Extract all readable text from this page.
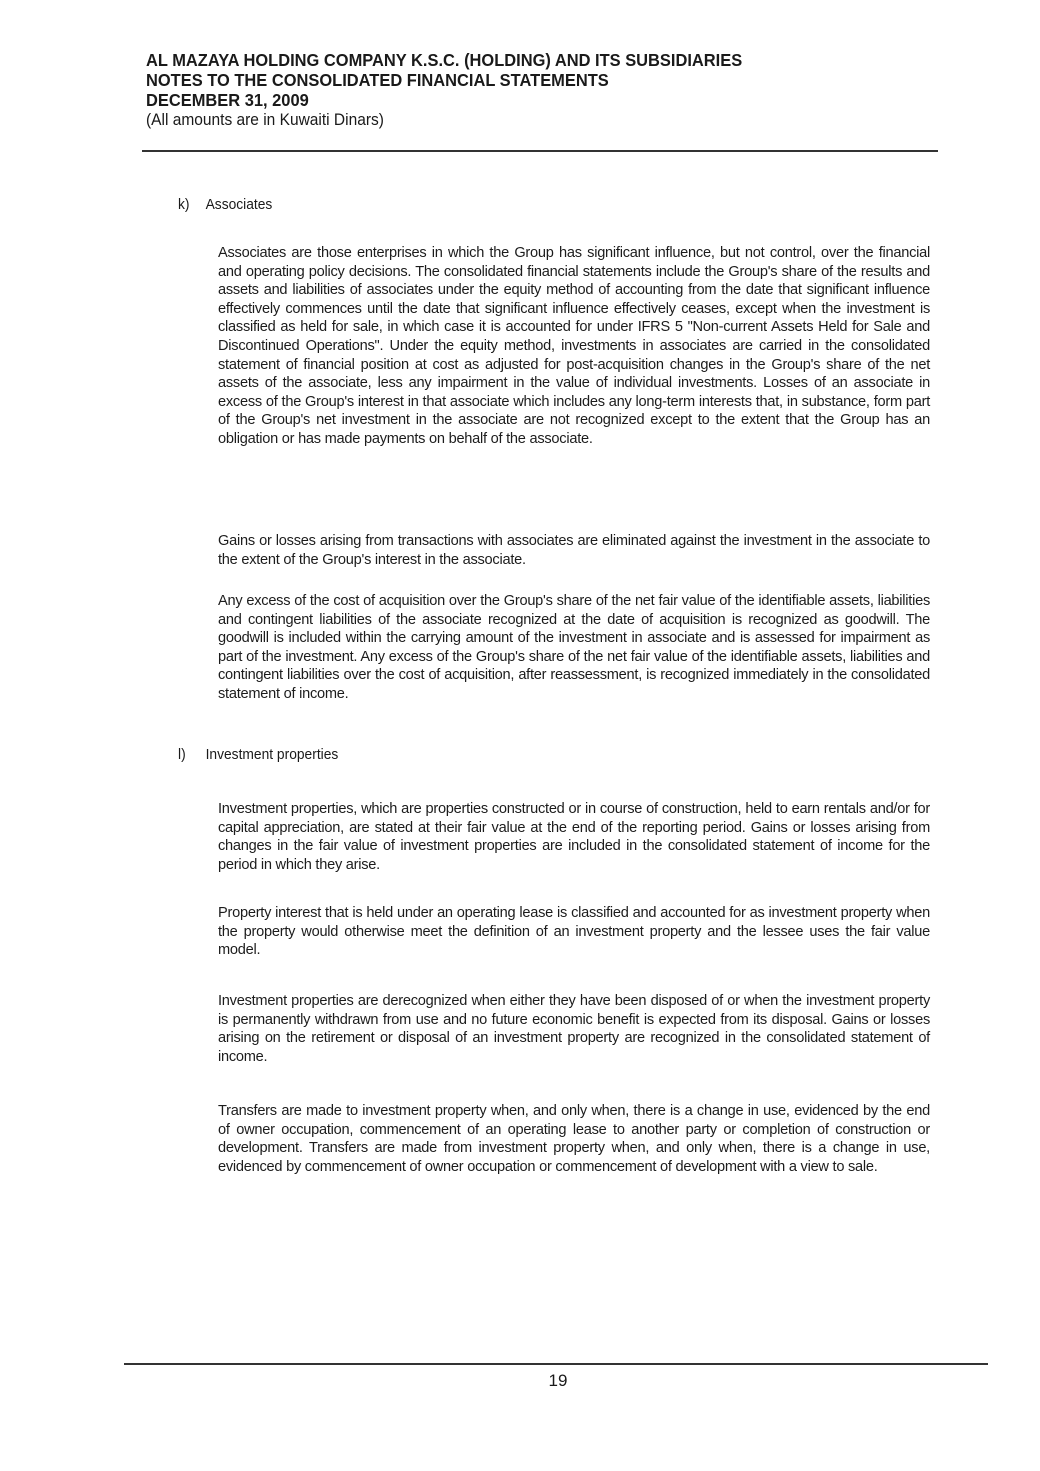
AL MAZAYA HOLDING COMPANY K.S.C. (HOLDING) AND ITS SUBSIDIARIES
NOTES TO THE CONSOLIDATED FINANCIAL STATEMENTS
DECEMBER 31, 2009
(All amounts are in Kuwaiti Dinars)
k) Associates
Associates are those enterprises in which the Group has significant influence, but not control, over the financial and operating policy decisions. The consolidated financial statements include the Group's share of the results and assets and liabilities of associates under the equity method of accounting from the date that significant influence effectively commences until the date that significant influence effectively ceases, except when the investment is classified as held for sale, in which case it is accounted for under IFRS 5 "Non-current Assets Held for Sale and Discontinued Operations". Under the equity method, investments in associates are carried in the consolidated statement of financial position at cost as adjusted for post-acquisition changes in the Group's share of the net assets of the associate, less any impairment in the value of individual investments. Losses of an associate in excess of the Group's interest in that associate which includes any long-term interests that, in substance, form part of the Group's net investment in the associate are not recognized except to the extent that the Group has an obligation or has made payments on behalf of the associate.
Gains or losses arising from transactions with associates are eliminated against the investment in the associate to the extent of the Group's interest in the associate.
Any excess of the cost of acquisition over the Group's share of the net fair value of the identifiable assets, liabilities and contingent liabilities of the associate recognized at the date of acquisition is recognized as goodwill. The goodwill is included within the carrying amount of the investment in associate and is assessed for impairment as part of the investment. Any excess of the Group's share of the net fair value of the identifiable assets, liabilities and contingent liabilities over the cost of acquisition, after reassessment, is recognized immediately in the consolidated statement of income.
l) Investment properties
Investment properties, which are properties constructed or in course of construction, held to earn rentals and/or for capital appreciation, are stated at their fair value at the end of the reporting period. Gains or losses arising from changes in the fair value of investment properties are included in the consolidated statement of income for the period in which they arise.
Property interest that is held under an operating lease is classified and accounted for as investment property when the property would otherwise meet the definition of an investment property and the lessee uses the fair value model.
Investment properties are derecognized when either they have been disposed of or when the investment property is permanently withdrawn from use and no future economic benefit is expected from its disposal. Gains or losses arising on the retirement or disposal of an investment property are recognized in the consolidated statement of income.
Transfers are made to investment property when, and only when, there is a change in use, evidenced by the end of owner occupation, commencement of an operating lease to another party or completion of construction or development. Transfers are made from investment property when, and only when, there is a change in use, evidenced by commencement of owner occupation or commencement of development with a view to sale.
19
